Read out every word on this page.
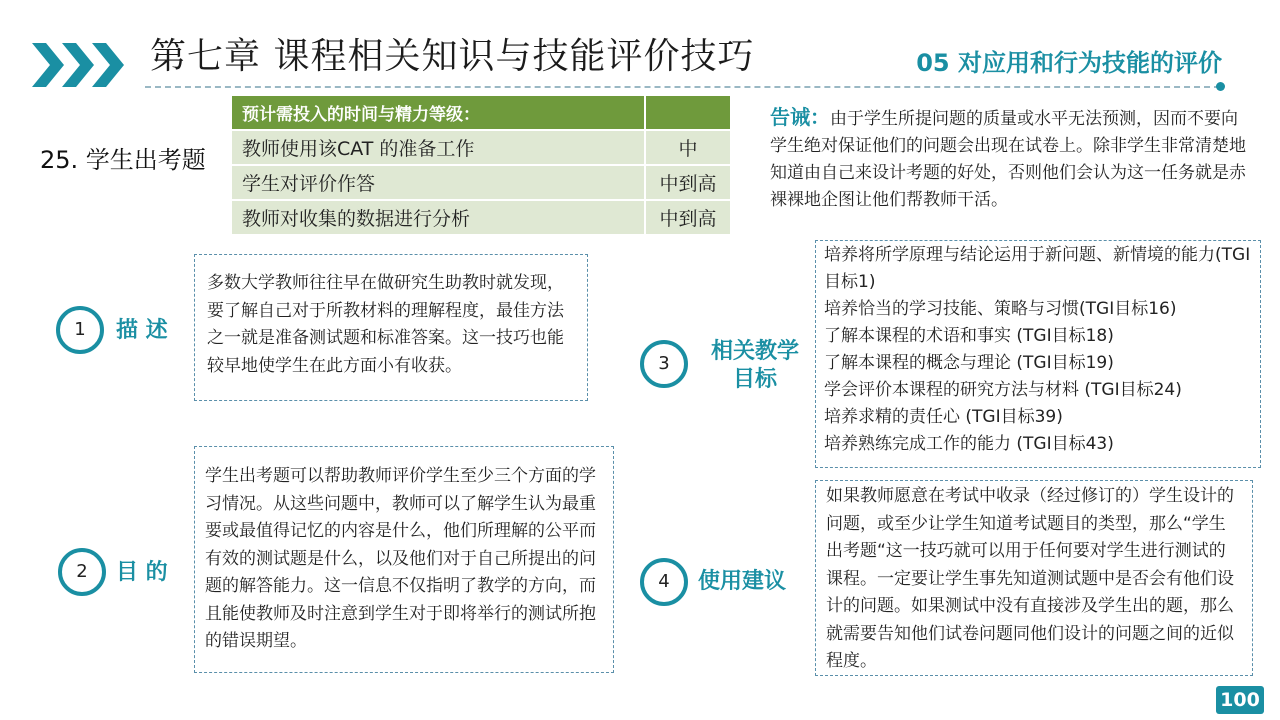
第七章 课程相关知识与技能评价技巧	05 对应用和行为技能的评价
25. 学生出考题
预计需投入的时间与精力等级：	
教师使用该CAT 的准备工作	中
学生对评价作答	中到高
教师对收集的数据进行分析	中到高
告诫：由于学生所提问题的质量或水平无法预测，因而不要向学生绝对保证他们的问题会出现在试卷上。除非学生非常清楚地知道由自己来设计考题的好处，否则他们会认为这一任务就是赤裸裸地企图让他们帮教师干活。
1	描 述

多数大学教师往往早在做研究生助教时就发现，要了解自己对于所教材料的理解程度，最佳方法之一就是准备测试题和标准答案。这一技巧也能较早地使学生在此方面小有收获。

2	目 的

学生出考题可以帮助教师评价学生至少三个方面的学习情况。从这些问题中，教师可以了解学生认为最重要或最值得记忆的内容是什么，他们所理解的公平而有效的测试题是什么，以及他们对于自己所提出的问题的解答能力。这一信息不仅指明了教学的方向，而且能使教师及时注意到学生对于即将举行的测试所抱的错误期望。

3	相关教学
目标

培养将所学原理与结论运用于新问题、新情境的能力(TGI目标1)

培养恰当的学习技能、策略与习惯(TGI目标16)

了解本课程的术语和事实 (TGI目标18)

了解本课程的概念与理论 (TGI目标19)

学会评价本课程的研究方法与材料 (TGI目标24)

培养求精的责任心 (TGI目标39)

培养熟练完成工作的能力 (TGI目标43)

4	使用建议

如果教师愿意在考试中收录（经过修订的）学生设计的问题，或至少让学生知道考试题目的类型，那么“学生出考题“这一技巧就可以用于任何要对学生进行测试的课程。一定要让学生事先知道测试题中是否会有他们设计的问题。如果测试中没有直接涉及学生出的题，那么就需要告知他们试卷问题同他们设计的问题之间的近似程度。

100
